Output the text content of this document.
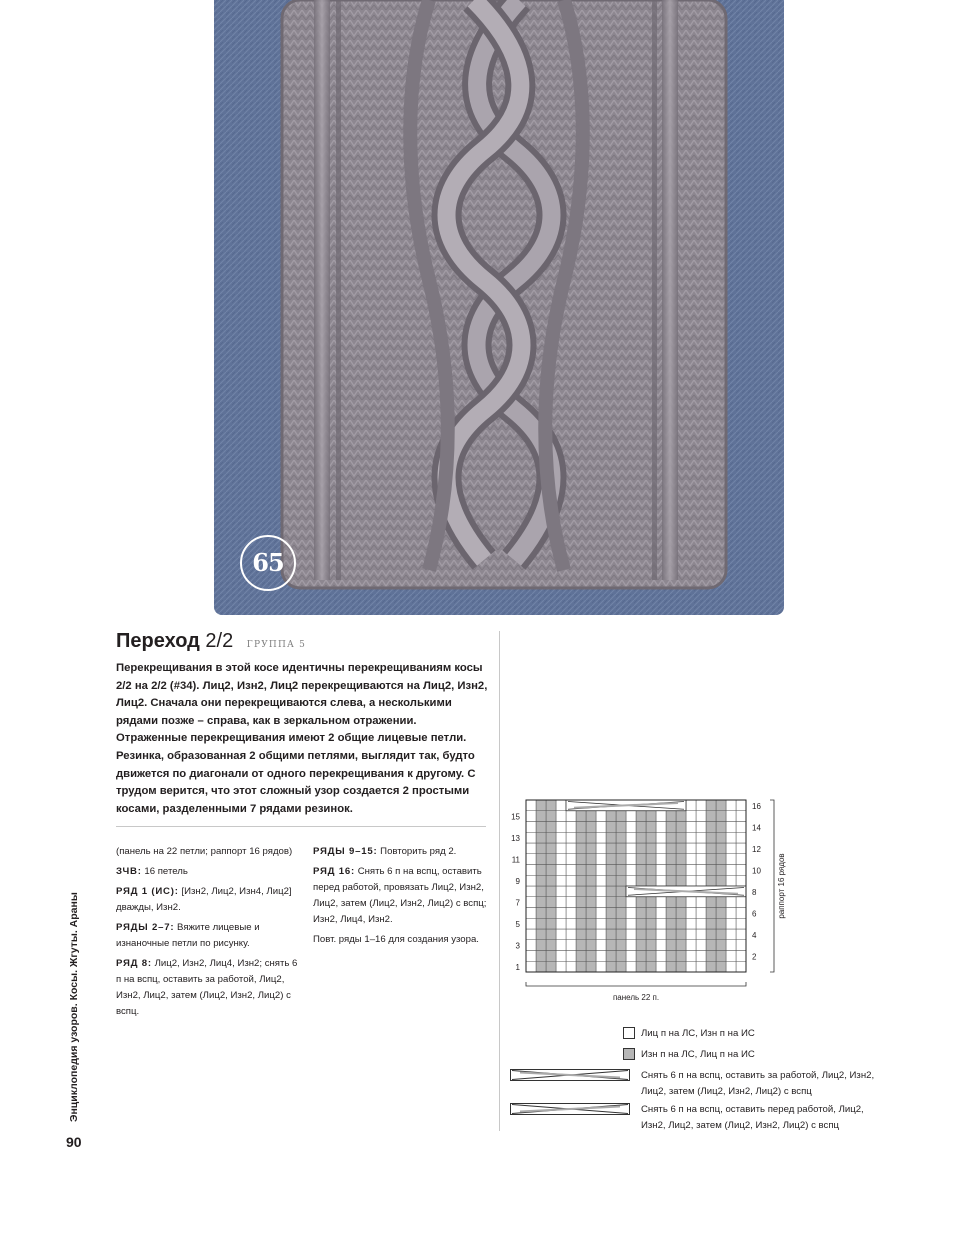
65
Переход 2/2 ГРУППА 5

Перекрещивания в этой косе идентичны перекрещиваниям косы 2/2 на 2/2 (#34). Лиц2, Изн2, Лиц2 перекрещиваются на Лиц2, Изн2, Лиц2. Сначала они перекрещиваются слева, а несколькими рядами позже – справа, как в зеркальном отражении. Отраженные перекрещивания имеют 2 общие лицевые петли. Резинка, образованная 2 общими петлями, выглядит так, будто движется по диагонали от одного перекрещивания к другому. С трудом верится, что этот сложный узор создается 2 простыми косами, разделенными 7 рядами резинок.

(панель на 22 петли; раппорт 16 рядов)

ЗЧВ: 16 петель

РЯД 1 (ИС): [Изн2, Лиц2, Изн4, Лиц2] дважды, Изн2.

РЯДЫ 2–7: Вяжите лицевые и изнаночные петли по рисунку.

РЯД 8: Лиц2, Изн2, Лиц4, Изн2; снять 6 п на вспц, оставить за работой, Лиц2, Изн2, Лиц2, затем (Лиц2, Изн2, Лиц2) с вспц.

РЯДЫ 9–15: Повторить ряд 2.

РЯД 16: Снять 6 п на вспц, оставить перед работой, провязать Лиц2, Изн2, Лиц2, затем (Лиц2, Изн2, Лиц2) с вспц; Изн2, Лиц4, Изн2.

Повт. ряды 1–16 для создания узора.

1
3
5
7
9
11
13
15
2
4
6
8
10
12
14
16
раппорт 16 рядов
панель 22 п.
Лиц п на ЛС, Изн п на ИС
Изн п на ЛС, Лиц п на ИС
Снять 6 п на вспц, оставить за работой, Лиц2, Изн2, Лиц2, затем (Лиц2, Изн2, Лиц2) с вспц
Снять 6 п на вспц, оставить перед работой, Лиц2, Изн2, Лиц2, затем (Лиц2, Изн2, Лиц2) с вспц
Энциклопедия узоров. Косы. Жгуты. Араны
90
